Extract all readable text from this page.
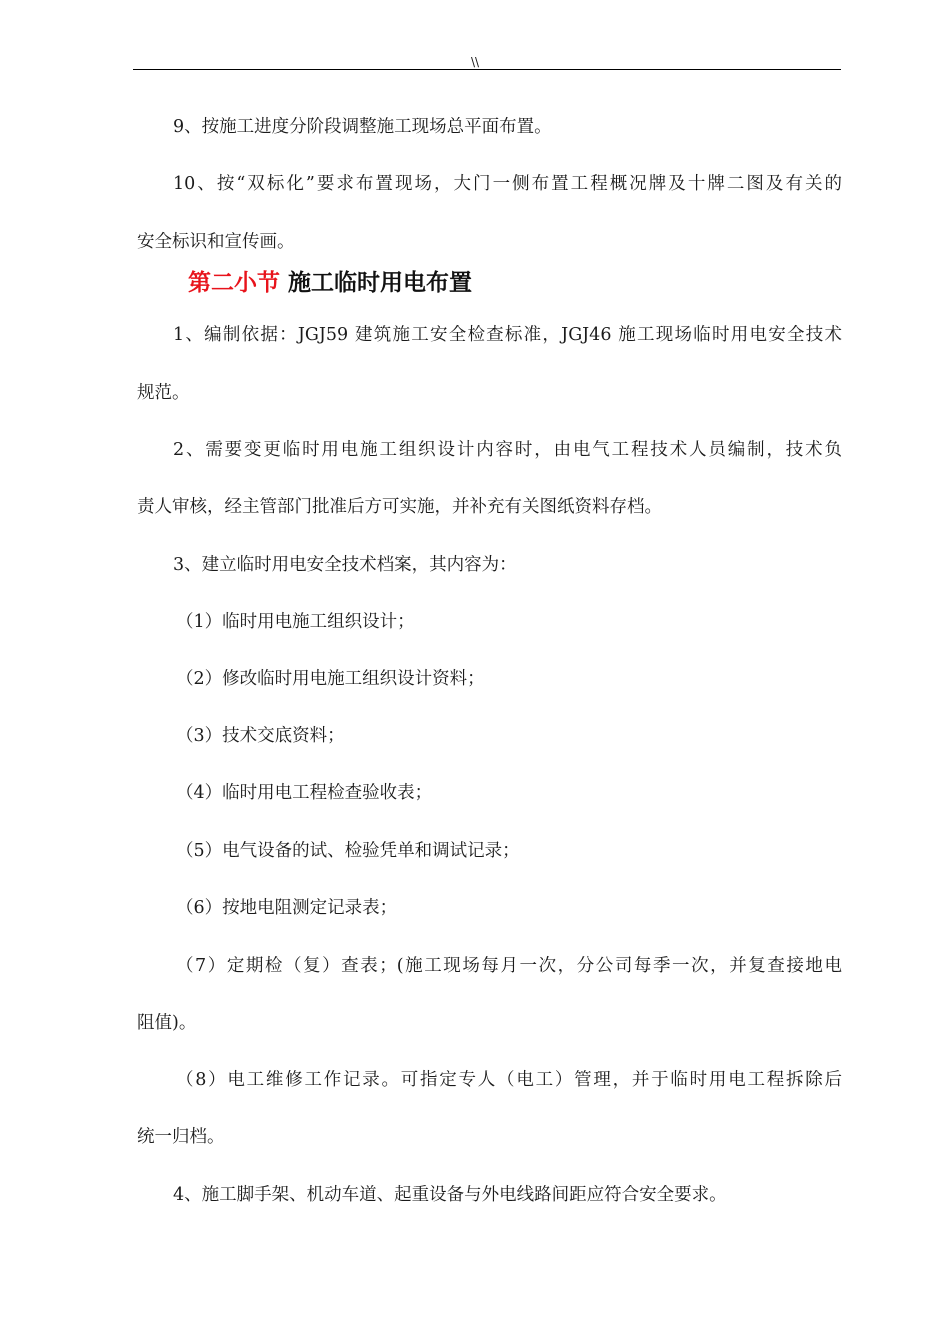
\\
9、按施工进度分阶段调整施工现场总平面布置。
10、按“双标化”要求布置现场，大门一侧布置工程概况牌及十牌二图及有关的
安全标识和宣传画。
第二小节 施工临时用电布置
1、编制依据：JGJ59 建筑施工安全检查标准，JGJ46 施工现场临时用电安全技术
规范。
2、需要变更临时用电施工组织设计内容时，由电气工程技术人员编制，技术负
责人审核，经主管部门批准后方可实施，并补充有关图纸资料存档。
3、建立临时用电安全技术档案，其内容为：
（1）临时用电施工组织设计；
（2）修改临时用电施工组织设计资料；
（3）技术交底资料；
（4）临时用电工程检查验收表；
（5）电气设备的试、检验凭单和调试记录；
（6）按地电阻测定记录表；
（7）定期检（复）查表；(施工现场每月一次，分公司每季一次，并复查接地电
阻值)。
（8）电工维修工作记录。可指定专人（电工）管理，并于临时用电工程拆除后
统一归档。
4、施工脚手架、机动车道、起重设备与外电线路间距应符合安全要求。
